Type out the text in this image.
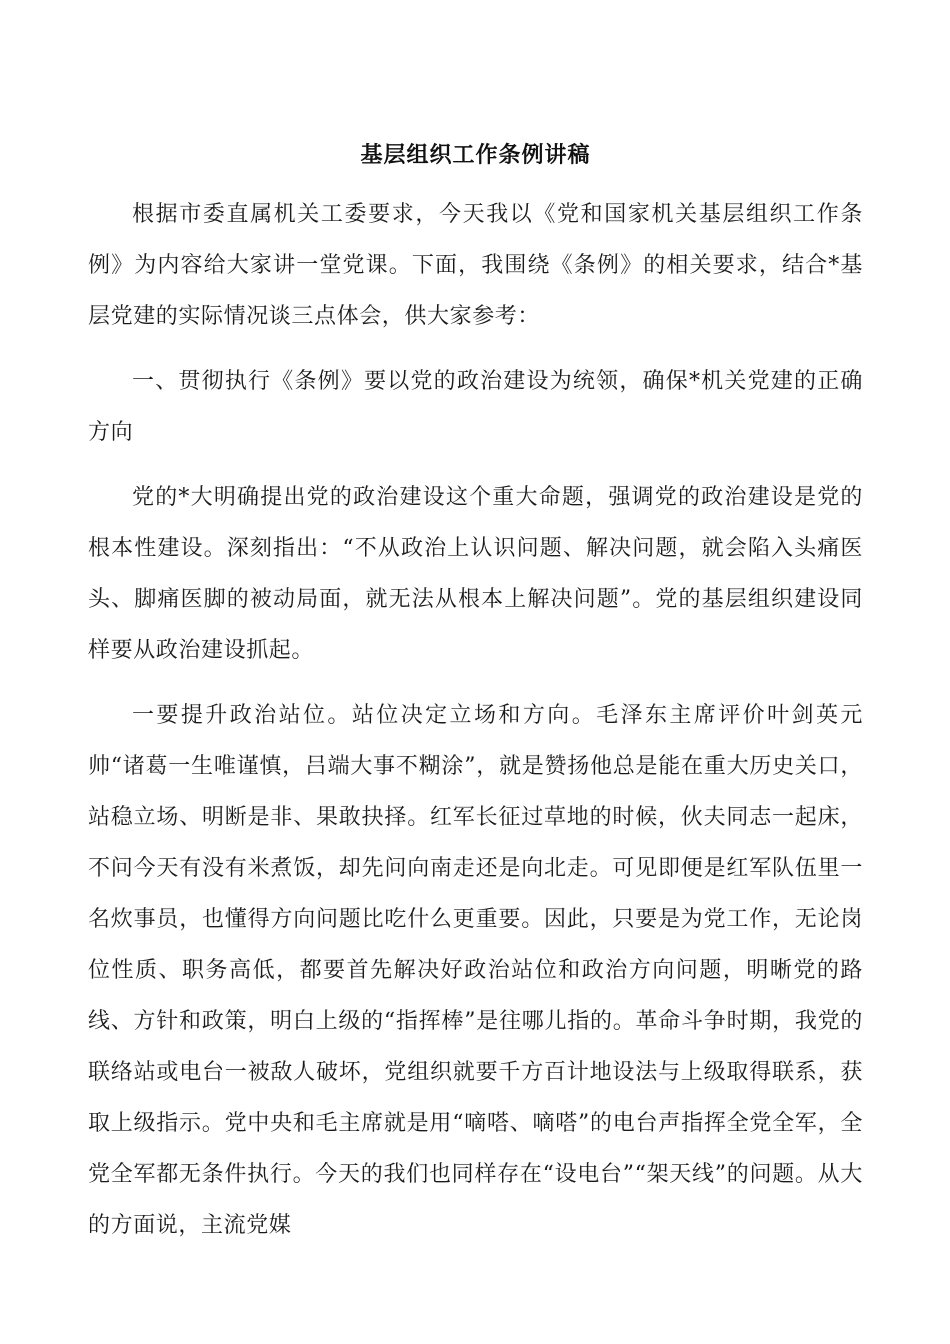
基层组织工作条例讲稿

根据市委直属机关工委要求，今天我以《党和国家机关基层组织工作条例》为内容给大家讲一堂党课。下面，我围绕《条例》的相关要求，结合*基层党建的实际情况谈三点体会，供大家参考：

一、贯彻执行《条例》要以党的政治建设为统领，确保*机关党建的正确方向

党的*大明确提出党的政治建设这个重大命题，强调党的政治建设是党的根本性建设。深刻指出：“不从政治上认识问题、解决问题，就会陷入头痛医头、脚痛医脚的被动局面，就无法从根本上解决问题”。党的基层组织建设同样要从政治建设抓起。

一要提升政治站位。站位决定立场和方向。毛泽东主席评价叶剑英元帅“诸葛一生唯谨慎，吕端大事不糊涂”，就是赞扬他总是能在重大历史关口，站稳立场、明断是非、果敢抉择。红军长征过草地的时候，伙夫同志一起床，不问今天有没有米煮饭，却先问向南走还是向北走。可见即便是红军队伍里一名炊事员，也懂得方向问题比吃什么更重要。因此，只要是为党工作，无论岗位性质、职务高低，都要首先解决好政治站位和政治方向问题，明晰党的路线、方针和政策，明白上级的“指挥棒”是往哪儿指的。革命斗争时期，我党的联络站或电台一被敌人破坏，党组织就要千方百计地设法与上级取得联系，获取上级指示。党中央和毛主席就是用“嘀嗒、嘀嗒”的电台声指挥全党全军，全党全军都无条件执行。今天的我们也同样存在“设电台”“架天线”的问题。从大的方面说，主流党媒
